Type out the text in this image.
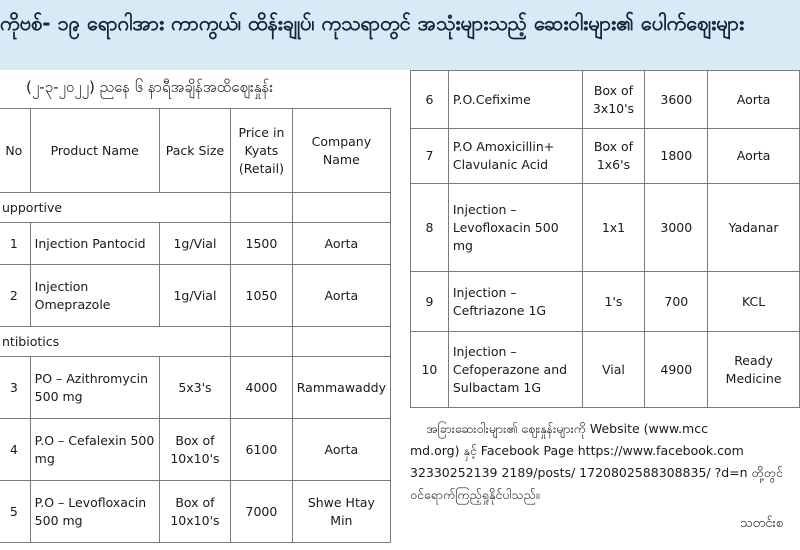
ကိုဗစ်- ၁၉ ရောဂါအား ကာကွယ်၊ ထိန်းချုပ်၊ ကုသရာတွင် အသုံးများသည့် ဆေးဝါးများ၏ ပေါက်ဈေးများ
(၂-၃-၂၀၂၂) ညနေ ၆ နာရီအချိန်အထိဈေးနှုန်း
No	Product Name	Pack Size	Price in Kyats (Retail)	Company Name
upportive				
1	Injection Pantocid	1g/Vial	1500	Aorta
2	Injection Omeprazole	1g/Vial	1050	Aorta
ntibiotics				
3	PO – Azithromycin 500 mg	5x3's	4000	Rammawaddy
4	P.O – Cefalexin 500 mg	Box of 10x10's	6100	Aorta
5	P.O – Levofloxacin 500 mg	Box of 10x10's	7000	Shwe Htay Min
6	P.O.Cefixime	Box of 3x10's	3600	Aorta
7	P.O Amoxicillin+ Clavulanic Acid	Box of 1x6's	1800	Aorta
8	Injection – Levofloxacin 500 mg	1x1	3000	Yadanar
9	Injection – Ceftriazone 1G	1's	700	KCL
10	Injection – Cefoperazone and Sulbactam 1G	Vial	4900	Ready Medicine
အခြားဆေးဝါးများ၏ ဈေးနှုန်းများကို Website (www.mcc
md.org) နှင့် Facebook Page https://www.facebook.com
32330252139 2189/posts/ 1720802588308835/ ?d=n တို့တွင်
ဝင်ရောက်ကြည့်ရှုနိုင်ပါသည်။
သတင်းစ
